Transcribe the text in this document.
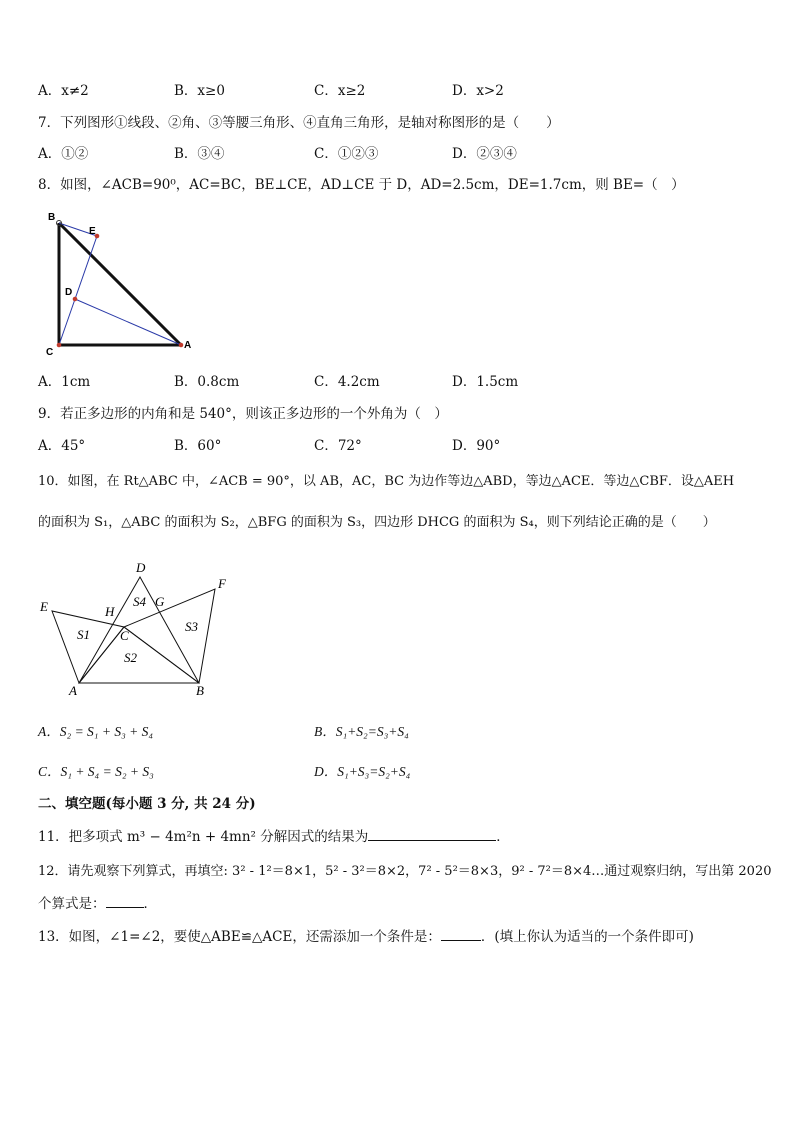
A．x≠2	B．x≥0	C．x≥2	D．x>2
7．下列图形①线段、②角、③等腰三角形、④直角三角形，是轴对称图形的是（　　）
A．①②	B．③④	C．①②③	D．②③④
8．如图，∠ACB=90⁰，AC=BC，BE⊥CE，AD⊥CE 于 D，AD=2.5cm，DE=1.7cm，则 BE=（　）
B
E
D
C
A
A．1cm	B．0.8cm	C．4.2cm	D．1.5cm
9．若正多边形的内角和是 540°，则该正多边形的一个外角为（　）
A．45°	B．60°	C．72°	D．90°
10．如图，在 Rt△ABC 中，∠ACB = 90°，以 AB，AC，BC 为边作等边△ABD，等边△ACE．等边△CBF．设△AEH
的面积为 S₁，△ABC 的面积为 S₂，△BFG 的面积为 S₃，四边形 DHCG 的面积为 S₄，则下列结论正确的是（　　）
D
E
F
H
G
S4
C
S1
S2
S3
A	B
A．S₂ = S₁ + S₃ + S₄	B．S₁+S₂=S₃+S₄
C．S₁ + S₄ = S₂ + S₃	D．S₁+S₃=S₂+S₄
二、填空题(每小题 3 分, 共 24 分)
11．把多项式 m³ − 4m²n + 4mn² 分解因式的结果为	．
12．请先观察下列算式，再填空: 3² - 1²＝8×1，5² - 3²＝8×2，7² - 5²＝8×3，9² - 7²＝8×4…通过观察归纳，写出第 2020
个算式是：	．
13．如图，∠1=∠2，要使△ABE≌△ACE，还需添加一个条件是：	．(填上你认为适当的一个条件即可)
